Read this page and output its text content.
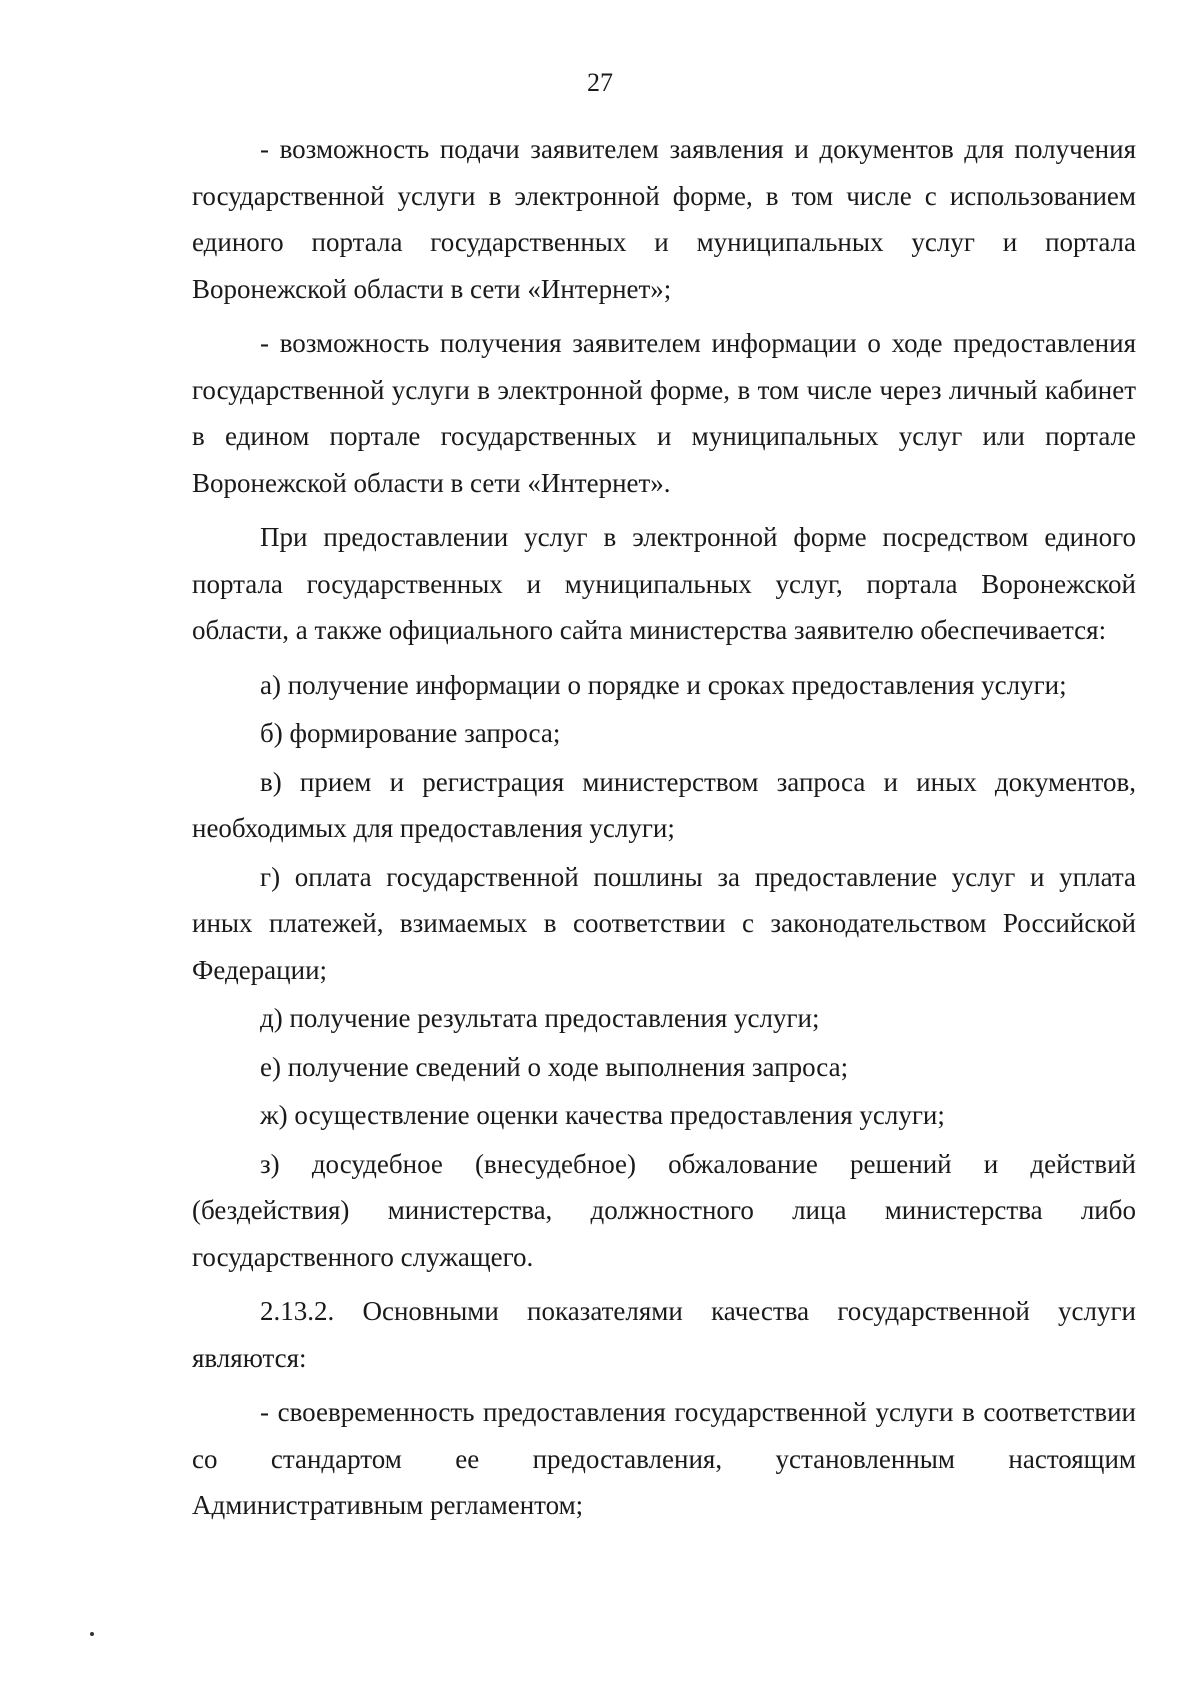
27

- возможность подачи заявителем заявления и документов для получения государственной услуги в электронной форме, в том числе с использованием единого портала государственных и муниципальных услуг и портала Воронежской области в сети «Интернет»;

- возможность получения заявителем информации о ходе предоставления государственной услуги в электронной форме, в том числе через личный кабинет в едином портале государственных и муниципальных услуг или портале Воронежской области в сети «Интернет».

При предоставлении услуг в электронной форме посредством единого портала государственных и муниципальных услуг, портала Воронежской области, а также официального сайта министерства заявителю обеспечивается:

а) получение информации о порядке и сроках предоставления услуги;

б) формирование запроса;

в) прием и регистрация министерством запроса и иных документов, необходимых для предоставления услуги;

г) оплата государственной пошлины за предоставление услуг и уплата иных платежей, взимаемых в соответствии с законодательством Российской Федерации;

д) получение результата предоставления услуги;

е) получение сведений о ходе выполнения запроса;

ж) осуществление оценки качества предоставления услуги;

з) досудебное (внесудебное) обжалование решений и действий (бездействия) министерства, должностного лица министерства либо государственного служащего.

2.13.2. Основными показателями качества государственной услуги являются:

- своевременность предоставления государственной услуги в соответствии со стандартом ее предоставления, установленным настоящим Административным регламентом;
